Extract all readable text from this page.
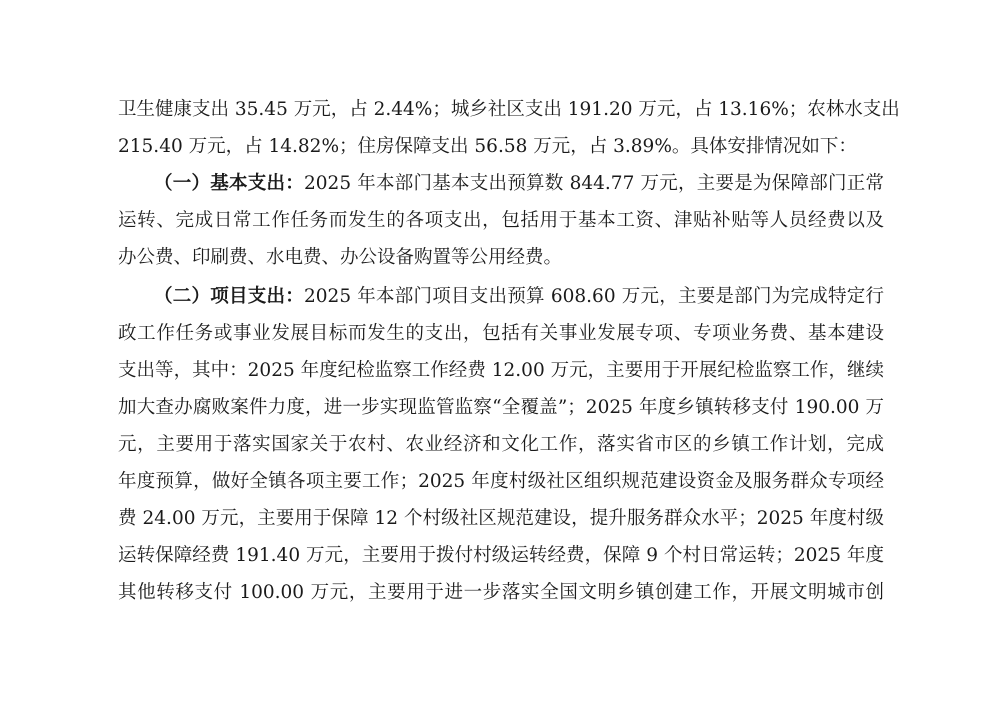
卫生健康支出 35.45 万元，占 2.44%；城乡社区支出 191.20 万元，占 13.16%；农林水支出
215.40 万元，占 14.82%；住房保障支出 56.58 万元，占 3.89%。具体安排情况如下：
（一）基本支出：2025 年本部门基本支出预算数 844.77 万元，主要是为保障部门正常
运转、完成日常工作任务而发生的各项支出，包括用于基本工资、津贴补贴等人员经费以及
办公费、印刷费、水电费、办公设备购置等公用经费。
（二）项目支出：2025 年本部门项目支出预算 608.60 万元，主要是部门为完成特定行
政工作任务或事业发展目标而发生的支出，包括有关事业发展专项、专项业务费、基本建设
支出等，其中：2025 年度纪检监察工作经费 12.00 万元，主要用于开展纪检监察工作，继续
加大查办腐败案件力度，进一步实现监管监察“全覆盖”；2025 年度乡镇转移支付 190.00 万
元，主要用于落实国家关于农村、农业经济和文化工作，落实省市区的乡镇工作计划，完成
年度预算，做好全镇各项主要工作；2025 年度村级社区组织规范建设资金及服务群众专项经
费 24.00 万元，主要用于保障 12 个村级社区规范建设，提升服务群众水平；2025 年度村级
运转保障经费 191.40 万元，主要用于拨付村级运转经费，保障 9 个村日常运转；2025 年度
其他转移支付 100.00 万元，主要用于进一步落实全国文明乡镇创建工作，开展文明城市创
